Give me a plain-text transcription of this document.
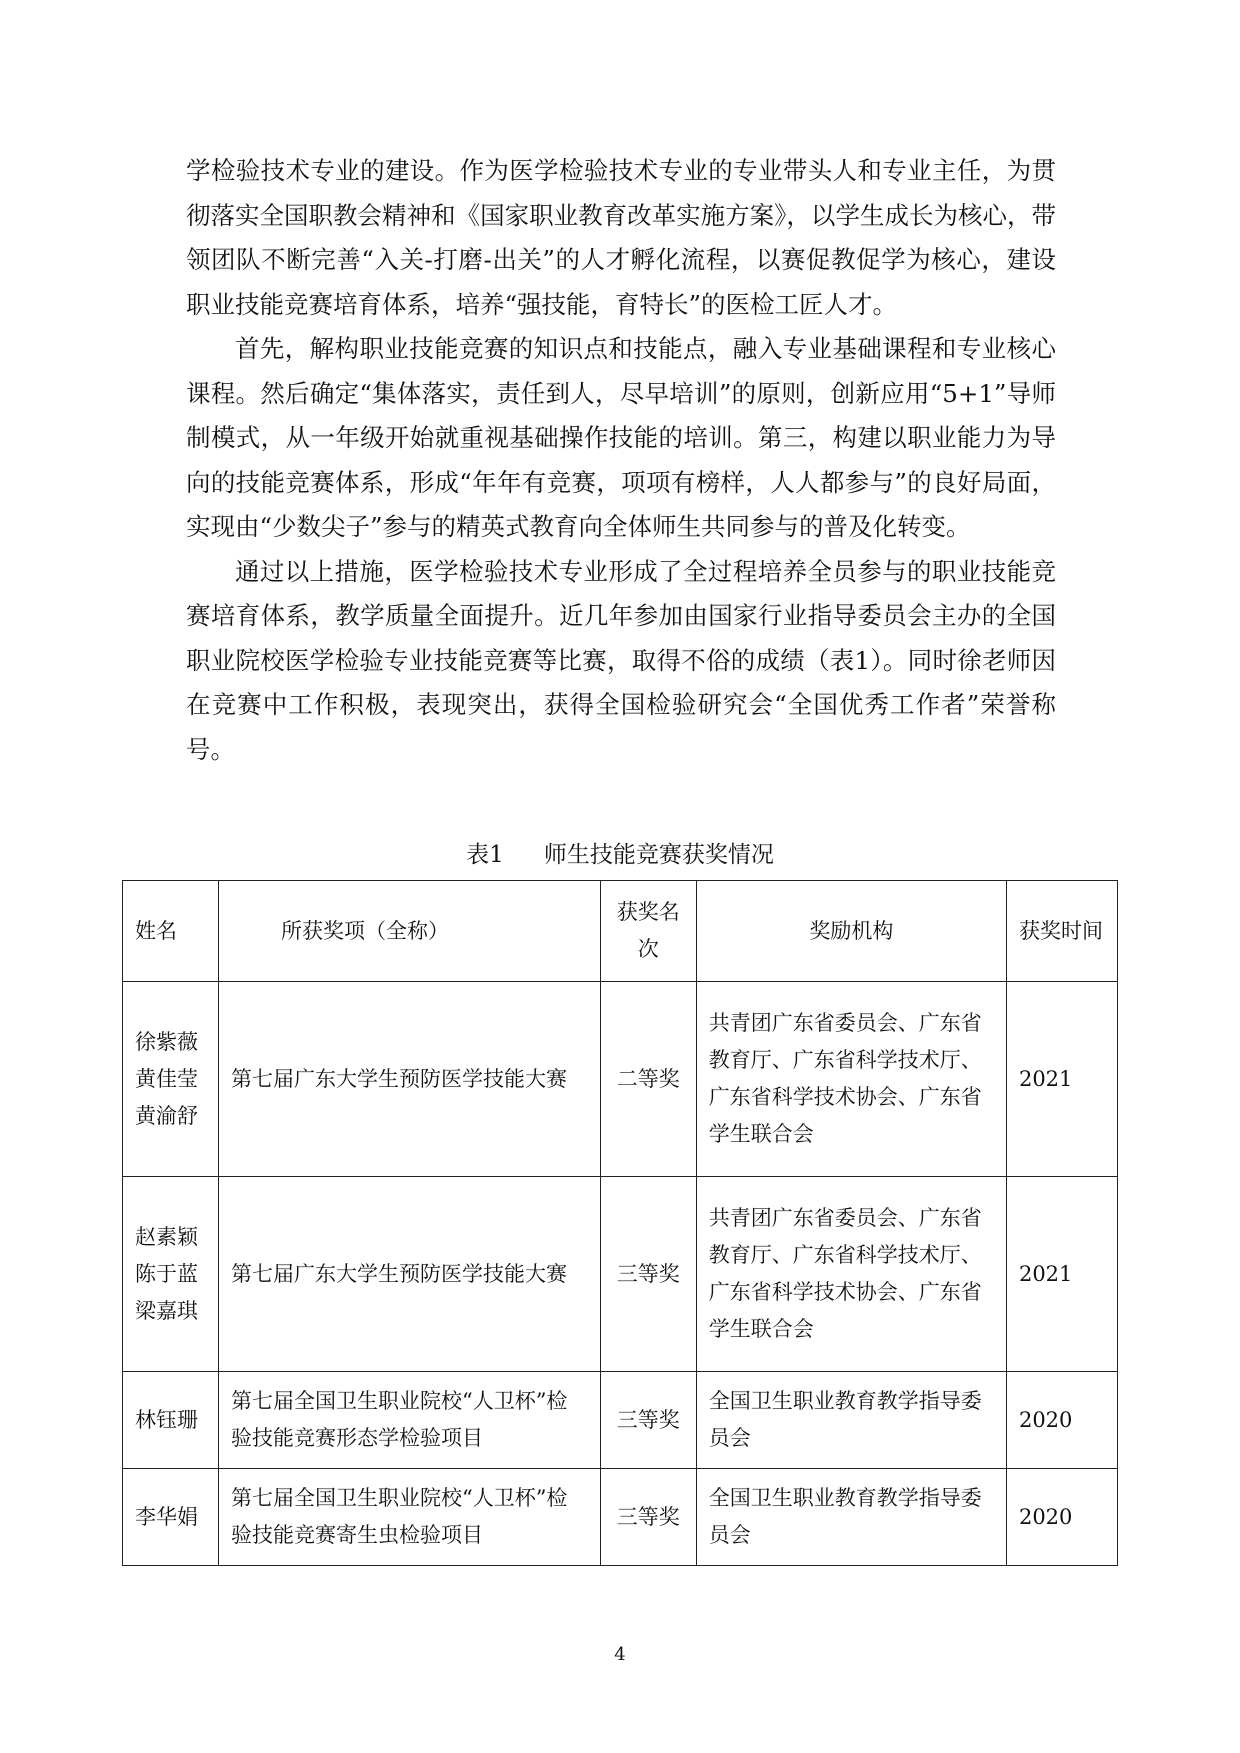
学检验技术专业的建设。作为医学检验技术专业的专业带头人和专业主任，为贯彻落实全国职教会精神和《国家职业教育改革实施方案》，以学生成长为核心，带领团队不断完善“入关-打磨-出关”的人才孵化流程，以赛促教促学为核心，建设职业技能竞赛培育体系，培养“强技能，育特长”的医检工匠人才。

首先，解构职业技能竞赛的知识点和技能点，融入专业基础课程和专业核心课程。然后确定“集体落实，责任到人，尽早培训”的原则，创新应用“5+1”导师制模式，从一年级开始就重视基础操作技能的培训。第三，构建以职业能力为导向的技能竞赛体系，形成“年年有竞赛，项项有榜样，人人都参与”的良好局面，实现由“少数尖子”参与的精英式教育向全体师生共同参与的普及化转变。

通过以上措施，医学检验技术专业形成了全过程培养全员参与的职业技能竞赛培育体系，教学质量全面提升。近几年参加由国家行业指导委员会主办的全国职业院校医学检验专业技能竞赛等比赛，取得不俗的成绩（表1）。同时徐老师因在竞赛中工作积极，表现突出，获得全国检验研究会“全国优秀工作者”荣誉称号。

表1 师生技能竞赛获奖情况
姓名	所获奖项（全称）	获奖名次	奖励机构	获奖时间

徐紫薇
黄佳莹
黄渝舒	第七届广东大学生预防医学技能大赛	二等奖	共青团广东省委员会、广东省教育厅、广东省科学技术厅、广东省科学技术协会、广东省学生联合会	2021

赵素颖
陈于蓝
梁嘉琪	第七届广东大学生预防医学技能大赛	三等奖	共青团广东省委员会、广东省教育厅、广东省科学技术厅、广东省科学技术协会、广东省学生联合会	2021

林钰珊	第七届全国卫生职业院校“人卫杯”检验技能竞赛形态学检验项目	三等奖	全国卫生职业教育教学指导委员会	2020

李华娟	第七届全国卫生职业院校“人卫杯”检验技能竞赛寄生虫检验项目	三等奖	全国卫生职业教育教学指导委员会	2020
4
